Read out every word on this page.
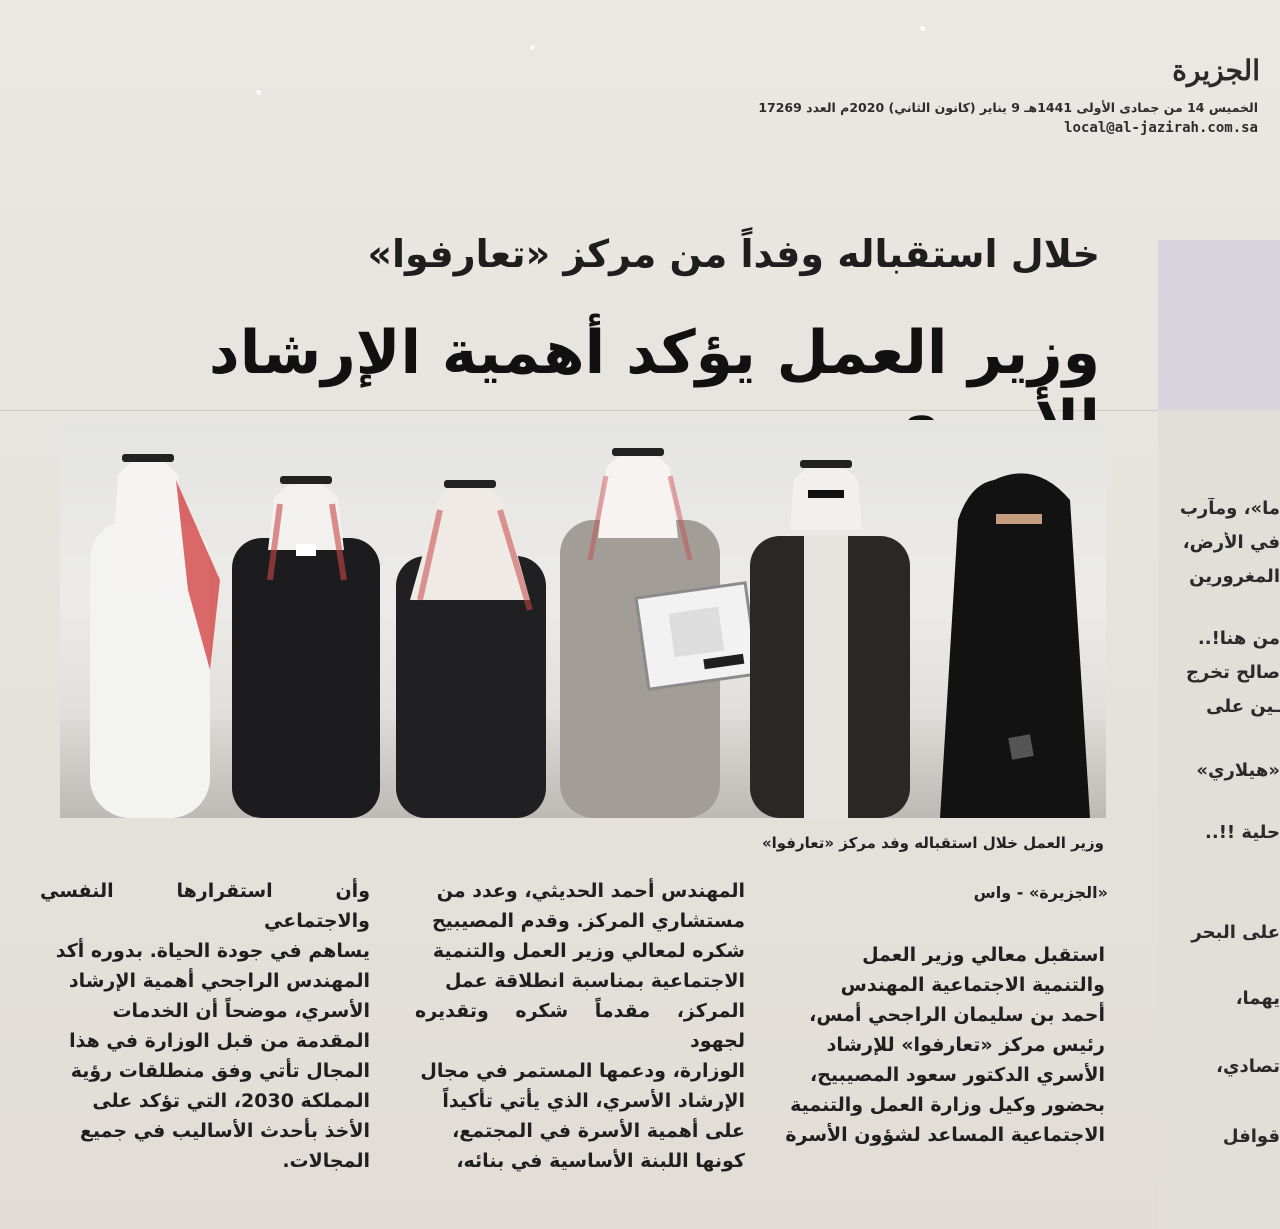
الجزيرة
الخميس 14 من جمادى الأولى 1441هـ 9 يناير (كانون الثاني) 2020م العدد 17269
local@al-jazirah.com.sa
خلال استقباله وفداً من مركز «تعارفوا»
وزير العمل يؤكد أهمية الإرشاد
وزير العمل خلال استقباله وفد مركز «تعارفوا»
«الجزيرة» - واس

استقبل معالي وزير العمل

والتنمية الاجتماعية المهندس

أحمد بن سليمان الراجحي أمس،

رئيس مركز «تعارفوا» للإرشاد

الأسري الدكتور سعود المصيبيح،

بحضور وكيل وزارة العمل والتنمية

الاجتماعية المساعد لشؤون الأسرة

المهندس أحمد الحديثي، وعدد من

مستشاري المركز. وقدم المصيبيح

شكره لمعالي وزير العمل والتنمية

الاجتماعية بمناسبة انطلاقة عمل

المركز، مقدماً شكره وتقديره لجهود

الوزارة، ودعمها المستمر في مجال

الإرشاد الأسري، الذي يأتي تأكيداً

على أهمية الأسرة في المجتمع،

كونها اللبنة الأساسية في بنائه،

وأن استقرارها النفسي والاجتماعي

يساهم في جودة الحياة. بدوره أكد

المهندس الراجحي أهمية الإرشاد

الأسري، موضحاً أن الخدمات

المقدمة من قبل الوزارة في هذا

المجال تأتي وفق منطلقات رؤية

المملكة 2030، التي تؤكد على

الأخذ بأحدث الأساليب في جميع

المجالات.

ما»، ومآرب
في الأرض،
المغرورين
من هنا!..
صالح تخرج
ـين على
«هيلاري»
حلية !!..
على البحر
يهما،
تصادي،
قوافل
